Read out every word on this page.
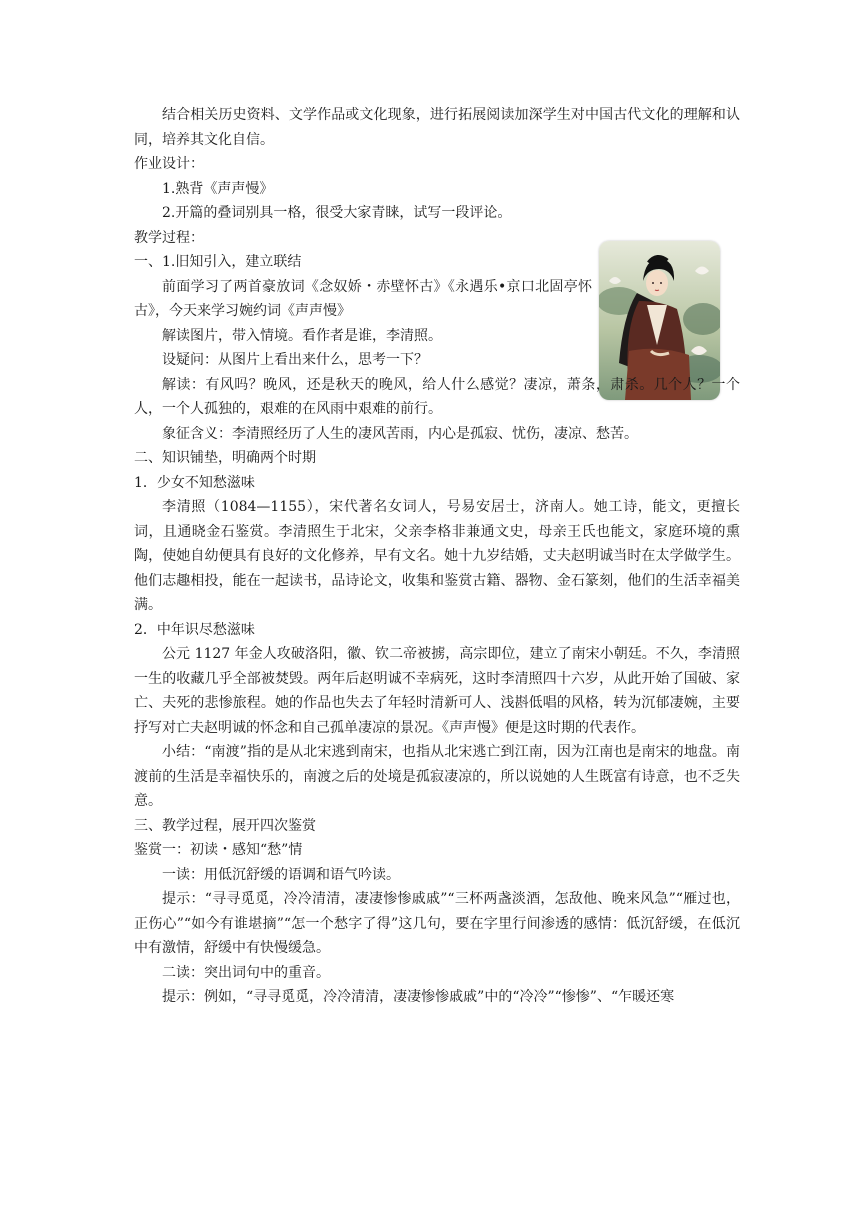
结合相关历史资料、文学作品或文化现象，进行拓展阅读加深学生对中国古代文化的理解和认同，培养其文化自信。

作业设计：

1.熟背《声声慢》

2.开篇的叠词别具一格，很受大家青睐，试写一段评论。

教学过程：

一、1.旧知引入，建立联结

前面学习了两首豪放词《念奴娇・赤壁怀古》《永遇乐•京口北固亭怀古》，今天来学习婉约词《声声慢》

解读图片，带入情境。看作者是谁，李清照。

设疑问：从图片上看出来什么，思考一下？

解读：有风吗？晚风，还是秋天的晚风，给人什么感觉？凄凉，萧条，肃杀。几个人？一个人，一个人孤独的，艰难的在风雨中艰难的前行。

象征含义：李清照经历了人生的凄风苦雨，内心是孤寂、忧伤，凄凉、愁苦。

二、知识铺垫，明确两个时期

1．少女不知愁滋味

李清照（1084—1155），宋代著名女词人，号易安居士，济南人。她工诗，能文，更擅长词，且通晓金石鉴赏。李清照生于北宋，父亲李格非兼通文史，母亲王氏也能文，家庭环境的熏陶，使她自幼便具有良好的文化修养，早有文名。她十九岁结婚，丈夫赵明诚当时在太学做学生。他们志趣相投，能在一起读书，品诗论文，收集和鉴赏古籍、器物、金石篆刻，他们的生活幸福美满。

2．中年识尽愁滋味

公元 1127 年金人攻破洛阳，徽、钦二帝被掳，高宗即位，建立了南宋小朝廷。不久，李清照一生的收藏几乎全部被焚毁。两年后赵明诚不幸病死，这时李清照四十六岁，从此开始了国破、家亡、夫死的悲惨旅程。她的作品也失去了年轻时清新可人、浅斟低唱的风格，转为沉郁凄婉，主要抒写对亡夫赵明诚的怀念和自己孤单凄凉的景况。《声声慢》便是这时期的代表作。

小结：“南渡”指的是从北宋逃到南宋，也指从北宋逃亡到江南，因为江南也是南宋的地盘。南渡前的生活是幸福快乐的，南渡之后的处境是孤寂凄凉的，所以说她的人生既富有诗意，也不乏失意。

三、教学过程，展开四次鉴赏

鉴赏一：初读・感知“愁”情

一读：用低沉舒缓的语调和语气吟读。

提示：“寻寻觅觅，冷冷清清，凄凄惨惨戚戚”“三杯两盏淡酒，怎敌他、晚来风急”“雁过也，正伤心”“如今有谁堪摘”“怎一个愁字了得”这几句，要在字里行间渗透的感情：低沉舒缓，在低沉中有激情，舒缓中有快慢缓急。

二读：突出词句中的重音。

提示：例如，“寻寻觅觅，冷冷清清，凄凄惨惨戚戚”中的“冷冷”“惨惨”、“乍暖还寒
